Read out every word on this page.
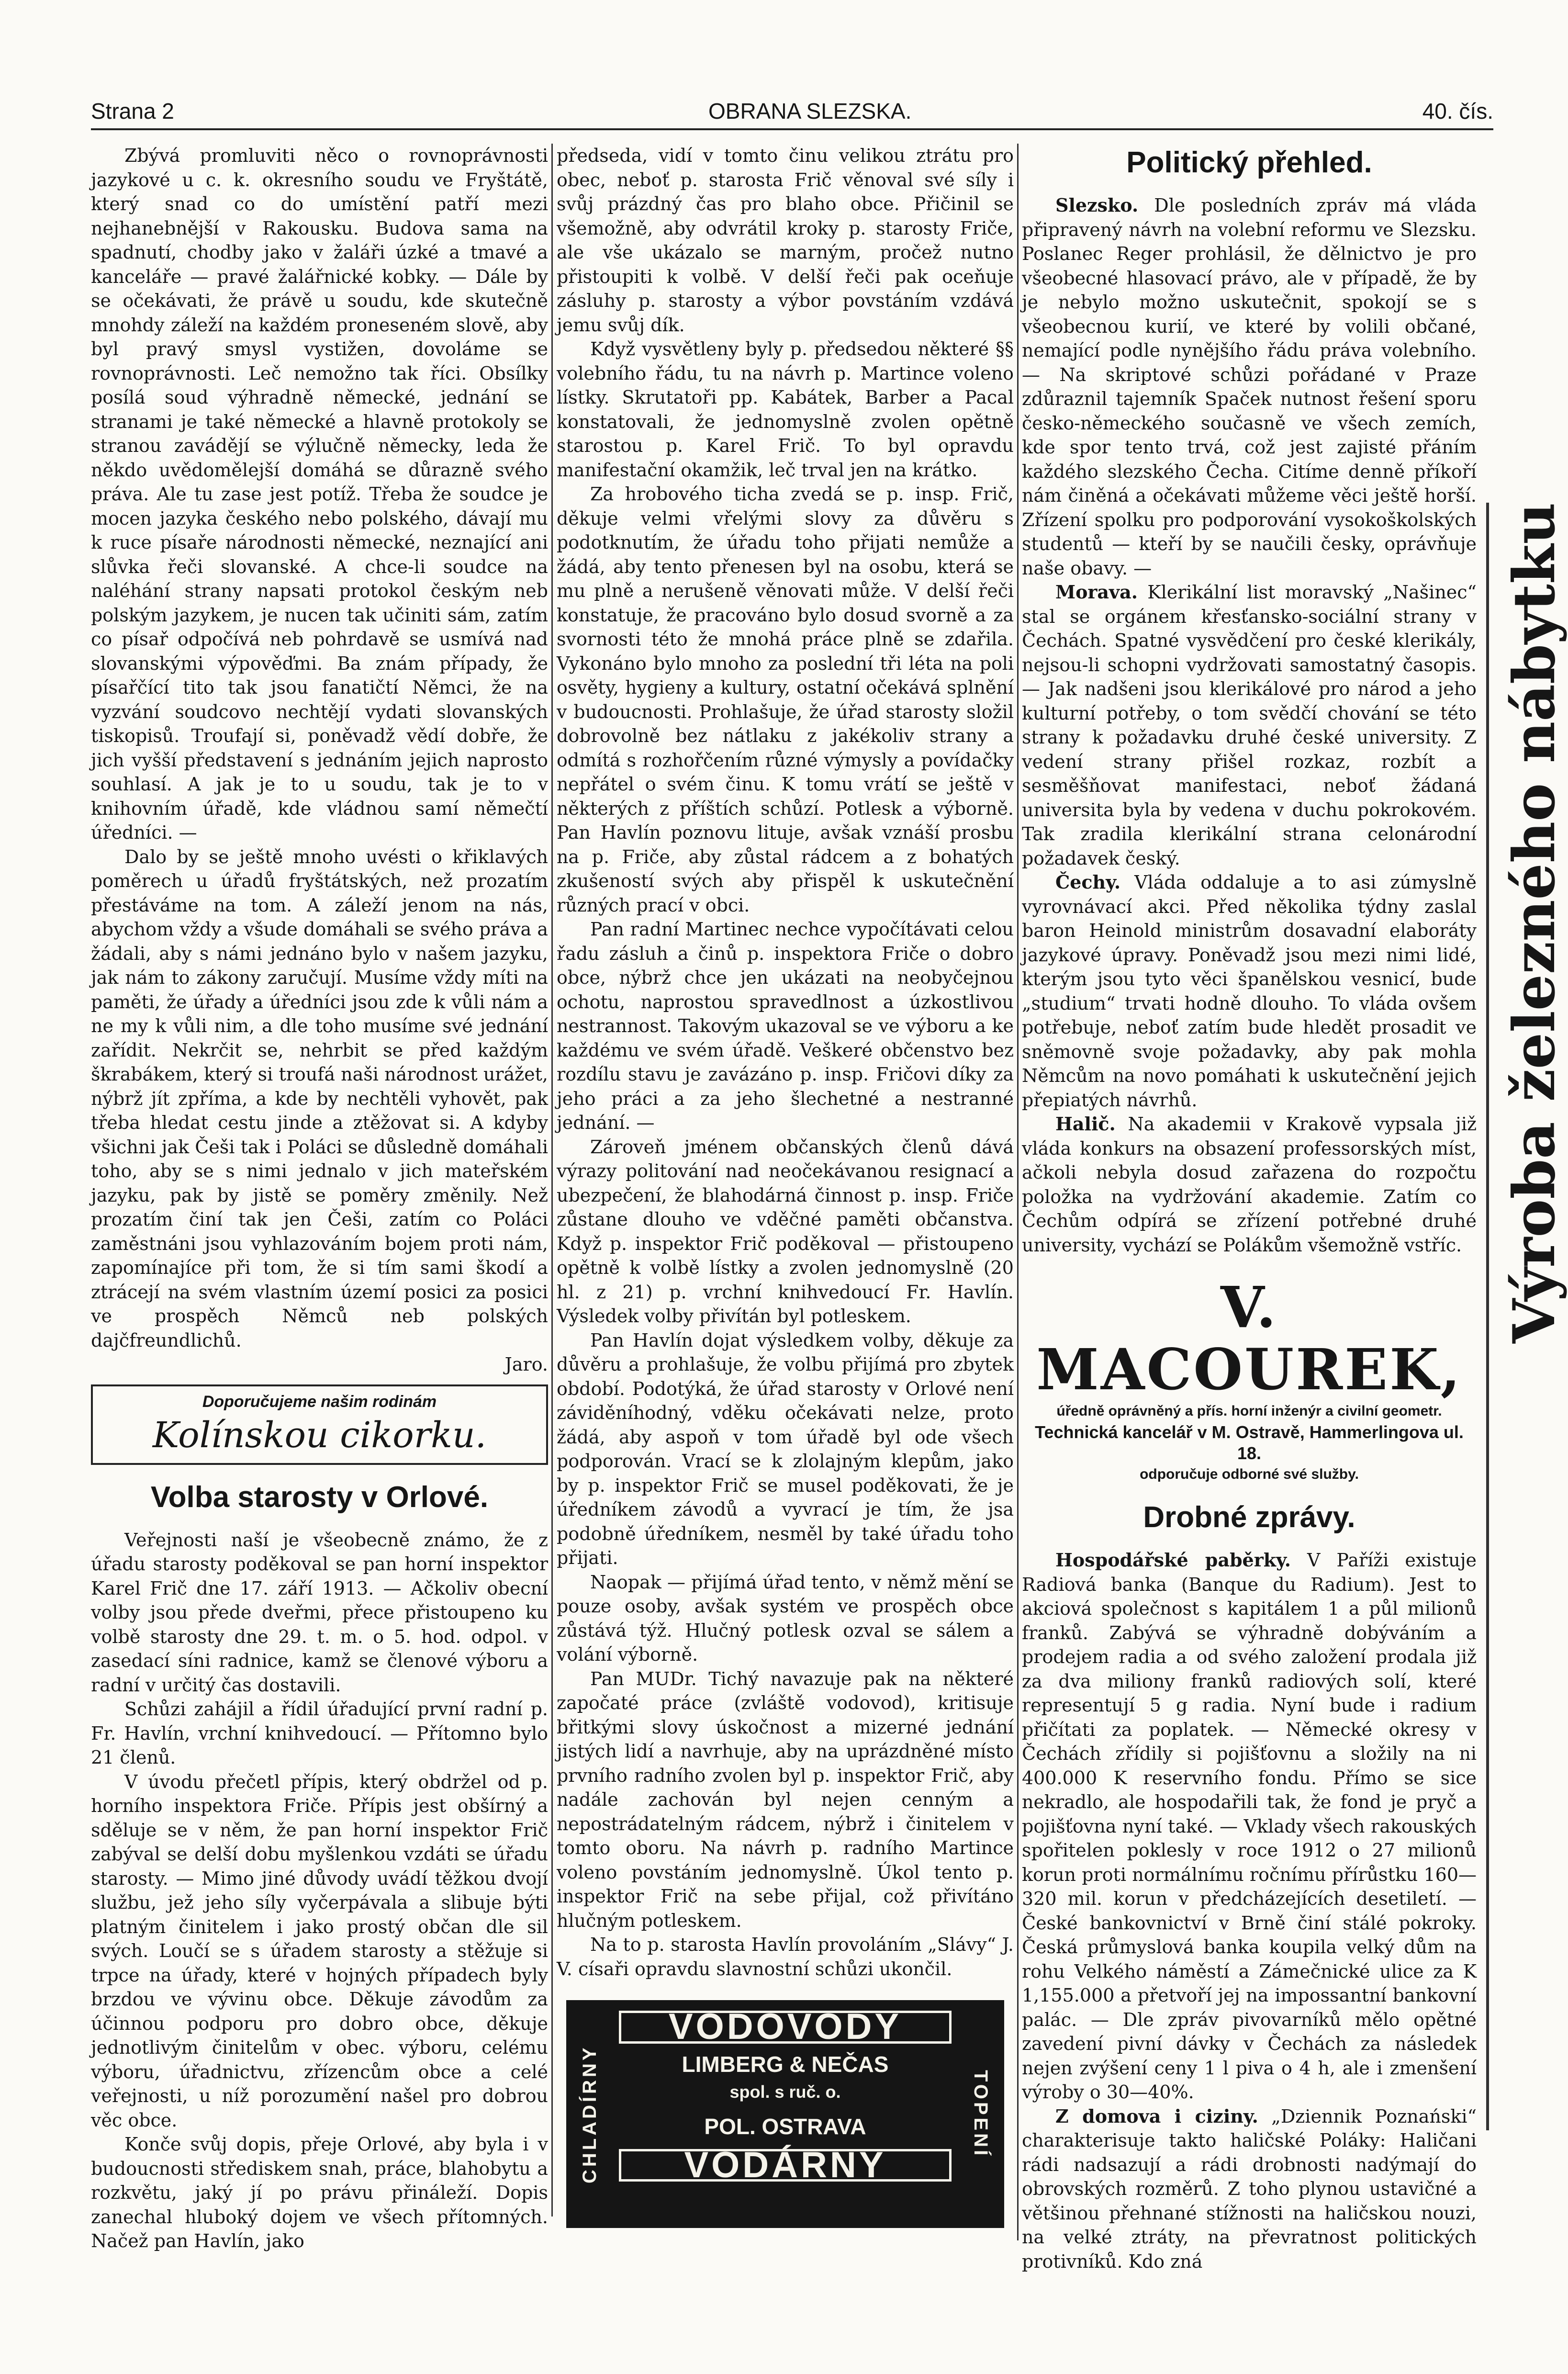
Strana 2	OBRANA SLEZSKA.	40. čís.

Zbývá promluviti něco o rovnoprávnosti jazykové u c. k. okresního soudu ve Fryštátě, který snad co do umístění patří mezi nejhanebnější v Rakousku. Budova sama na spadnutí, chodby jako v žaláři úzké a tmavé a kanceláře — pravé žalářnické kobky. — Dále by se očekávati, že právě u soudu, kde skutečně mnohdy záleží na každém proneseném slově, aby byl pravý smysl vystižen, dovoláme se rovnoprávnosti. Leč nemožno tak říci. Obsílky posílá soud výhradně německé, jednání se stranami je také německé a hlavně protokoly se stranou zavádějí se výlučně německy, leda že někdo uvědomělejší domáhá se důrazně svého práva. Ale tu zase jest potíž. Třeba že soudce je mocen jazyka českého nebo polského, dávají mu k ruce písaře národnosti německé, neznající ani slůvka řeči slovanské. A chce-li soudce na naléhání strany napsati protokol českým neb polským jazykem, je nucen tak učiniti sám, zatím co písař odpočívá neb pohrdavě se usmívá nad slovanskými výpověďmi. Ba znám případy, že písařčící tito tak jsou fanatičtí Němci, že na vyzvání soudcovo nechtějí vydati slovanských tiskopisů. Troufají si, poněvadž vědí dobře, že jich vyšší představení s jednáním jejich naprosto souhlasí. A jak je to u soudu, tak je to v knihovním úřadě, kde vládnou samí němečtí úředníci. —

Dalo by se ještě mnoho uvésti o křiklavých poměrech u úřadů fryštátských, než prozatím přestáváme na tom. A záleží jenom na nás, abychom vždy a všude domáhali se svého práva a žádali, aby s námi jednáno bylo v našem jazyku, jak nám to zákony zaručují. Musíme vždy míti na paměti, že úřady a úředníci jsou zde k vůli nám a ne my k vůli nim, a dle toho musíme své jednání zařídit. Nekrčit se, nehrbit se před každým škrabákem, který si troufá naši národnost urážet, nýbrž jít zpříma, a kde by nechtěli vyhovět, pak třeba hledat cestu jinde a ztěžovat si. A kdyby všichni jak Češi tak i Poláci se důsledně domáhali toho, aby se s nimi jednalo v jich mateřském jazyku, pak by jistě se poměry změnily. Než prozatím činí tak jen Češi, zatím co Poláci zaměstnáni jsou vyhlazováním bojem proti nám, zapomínajíce při tom, že si tím sami škodí a ztrácejí na svém vlastním území posici za posici ve prospěch Němců neb polských dajčfreundlichů.

Jaro.
Doporučujeme našim rodinám
Kolínskou cikorku.
Volba starosty v Orlové.

Veřejnosti naší je všeobecně známo, že z úřadu starosty poděkoval se pan horní inspektor Karel Frič dne 17. září 1913. — Ačkoliv obecní volby jsou přede dveřmi, přece přistoupeno ku volbě starosty dne 29. t. m. o 5. hod. odpol. v zasedací síni radnice, kamž se členové výboru a radní v určitý čas dostavili.

Schůzi zahájil a řídil úřadující první radní p. Fr. Havlín, vrchní knihvedoucí. — Přítomno bylo 21 členů.

V úvodu přečetl přípis, který obdržel od p. horního inspektora Friče. Přípis jest obšírný a sděluje se v něm, že pan horní inspektor Frič zabýval se delší dobu myšlenkou vzdáti se úřadu starosty. — Mimo jiné důvody uvádí těžkou dvojí službu, jež jeho síly vyčerpávala a slibuje býti platným činitelem i jako prostý občan dle sil svých. Loučí se s úřadem starosty a stěžuje si trpce na úřady, které v hojných případech byly brzdou ve vývinu obce. Děkuje závodům za účinnou podporu pro dobro obce, děkuje jednotlivým činitelům v obec. výboru, celému výboru, úřadnictvu, zřízencům obce a celé veřejnosti, u níž porozumění našel pro dobrou věc obce.

Konče svůj dopis, přeje Orlové, aby byla i v budoucnosti střediskem snah, práce, blahobytu a rozkvětu, jaký jí po právu přináleží. Dopis zanechal hluboký dojem ve všech přítomných. Načež pan Havlín, jako

předseda, vidí v tomto činu velikou ztrátu pro obec, neboť p. starosta Frič věnoval své síly i svůj prázdný čas pro blaho obce. Přičinil se všemožně, aby odvrátil kroky p. starosty Friče, ale vše ukázalo se marným, pročež nutno přistoupiti k volbě. V delší řeči pak oceňuje zásluhy p. starosty a výbor povstáním vzdává jemu svůj dík.

Když vysvětleny byly p. předsedou některé §§ volebního řádu, tu na návrh p. Martince voleno lístky. Skrutatoři pp. Kabátek, Barber a Pacal konstatovali, že jednomyslně zvolen opětně starostou p. Karel Frič. To byl opravdu manifestační okamžik, leč trval jen na krátko.

Za hrobového ticha zvedá se p. insp. Frič, děkuje velmi vřelými slovy za důvěru s podotknutím, že úřadu toho přijati nemůže a žádá, aby tento přenesen byl na osobu, která se mu plně a nerušeně věnovati může. V delší řeči konstatuje, že pracováno bylo dosud svorně a za svornosti této že mnohá práce plně se zdařila. Vykonáno bylo mnoho za poslední tři léta na poli osvěty, hygieny a kultury, ostatní očekává splnění v budoucnosti. Prohlašuje, že úřad starosty složil dobrovolně bez nátlaku z jakékoliv strany a odmítá s rozhořčením různé výmysly a povídačky nepřátel o svém činu. K tomu vrátí se ještě v některých z příštích schůzí. Potlesk a výborně. Pan Havlín poznovu lituje, avšak vznáší prosbu na p. Friče, aby zůstal rádcem a z bohatých zkušeností svých aby přispěl k uskutečnění různých prací v obci.

Pan radní Martinec nechce vypočítávati celou řadu zásluh a činů p. inspektora Friče o dobro obce, nýbrž chce jen ukázati na neobyčejnou ochotu, naprostou spravedlnost a úzkostlivou nestrannost. Takovým ukazoval se ve výboru a ke každému ve svém úřadě. Veškeré občenstvo bez rozdílu stavu je zavázáno p. insp. Fričovi díky za jeho práci a za jeho šlechetné a nestranné jednání. —

Zároveň jménem občanských členů dává výrazy politování nad neočekávanou resignací a ubezpečení, že blahodárná činnost p. insp. Friče zůstane dlouho ve vděčné paměti občanstva. Když p. inspektor Frič poděkoval — přistoupeno opětně k volbě lístky a zvolen jednomyslně (20 hl. z 21) p. vrchní knihvedoucí Fr. Havlín. Výsledek volby přivítán byl potleskem.

Pan Havlín dojat výsledkem volby, děkuje za důvěru a prohlašuje, že volbu přijímá pro zbytek období. Podotýká, že úřad starosty v Orlové není záviděníhodný, vděku očekávati nelze, proto žádá, aby aspoň v tom úřadě byl ode všech podporován. Vrací se k zlolajným klepům, jako by p. inspektor Frič se musel poděkovati, že je úředníkem závodů a vyvrací je tím, že jsa podobně úředníkem, nesměl by také úřadu toho přijati.

Naopak — přijímá úřad tento, v němž mění se pouze osoby, avšak systém ve prospěch obce zůstává týž. Hlučný potlesk ozval se sálem a volání výborně.

Pan MUDr. Tichý navazuje pak na některé započaté práce (zvláště vodovod), kritisuje břitkými slovy úskočnost a mizerné jednání jistých lidí a navrhuje, aby na uprázdněné místo prvního radního zvolen byl p. inspektor Frič, aby nadále zachován byl nejen cenným a nepostrádatelným rádcem, nýbrž i činitelem v tomto oboru. Na návrh p. radního Martince voleno povstáním jednomyslně. Úkol tento p. inspektor Frič na sebe přijal, což přivítáno hlučným potleskem.

Na to p. starosta Havlín provoláním „Slávy“ J. V. císaři opravdu slavnostní schůzi ukončil.

CHLADÍRNY	TOPENÍ
VODOVODY
LIMBERG & NEČAS
spol. s ruč. o.
POL. OSTRAVA
VODÁRNY
Politický přehled.

Slezsko. Dle posledních zpráv má vláda připravený návrh na volební reformu ve Slezsku. Poslanec Reger prohlásil, že dělnictvo je pro všeobecné hlasovací právo, ale v případě, že by je nebylo možno uskutečnit, spokojí se s všeobecnou kurií, ve které by volili občané, nemající podle nynějšího řádu práva volebního. — Na skriptové schůzi pořádané v Praze zdůraznil tajemník Spaček nutnost řešení sporu česko-německého současně ve všech zemích, kde spor tento trvá, což jest zajisté přáním každého slezského Čecha. Citíme denně příkoří nám činěná a očekávati můžeme věci ještě horší. Zřízení spolku pro podporování vysokoškolských studentů — kteří by se naučili česky, oprávňuje naše obavy. —

Morava. Klerikální list moravský „Našinec“ stal se orgánem křesťansko-sociální strany v Čechách. Spatné vysvědčení pro české klerikály, nejsou-li schopni vydržovati samostatný časopis. — Jak nadšeni jsou klerikálové pro národ a jeho kulturní potřeby, o tom svědčí chování se této strany k požadavku druhé české university. Z vedení strany přišel rozkaz, rozbít a sesměšňovat manifestaci, neboť žádaná universita byla by vedena v duchu pokrokovém. Tak zradila klerikální strana celonárodní požadavek český.

Čechy. Vláda oddaluje a to asi zúmyslně vyrovnávací akci. Před několika týdny zaslal baron Heinold ministrům dosavadní elaboráty jazykové úpravy. Poněvadž jsou mezi nimi lidé, kterým jsou tyto věci španělskou vesnicí, bude „studium“ trvati hodně dlouho. To vláda ovšem potřebuje, neboť zatím bude hledět prosadit ve sněmovně svoje požadavky, aby pak mohla Němcům na novo pomáhati k uskutečnění jejich přepiatých návrhů.

Halič. Na akademii v Krakově vypsala již vláda konkurs na obsazení professorských míst, ačkoli nebyla dosud zařazena do rozpočtu položka na vydržování akademie. Zatím co Čechům odpírá se zřízení potřebné druhé university, vychází se Polákům všemožně vstříc.

V. MACOUREK,
úředně oprávněný a přís. horní inženýr a civilní geometr.
Technická kancelář v M. Ostravě, Hammerlingova ul. 18.
odporučuje odborné své služby.
Drobné zprávy.

Hospodářské paběrky. V Paříži existuje Radiová banka (Banque du Radium). Jest to akciová společnost s kapitálem 1 a půl milionů franků. Zabývá se výhradně dobýváním a prodejem radia a od svého založení prodala již za dva miliony franků radiových solí, které representují 5 g radia. Nyní bude i radium přičítati za poplatek. — Německé okresy v Čechách zřídily si pojišťovnu a složily na ni 400.000 K reservního fondu. Přímo se sice nekradlo, ale hospodařili tak, že fond je pryč a pojišťovna nyní také. — Vklady všech rakouských spořitelen poklesly v roce 1912 o 27 milionů korun proti normálnímu ročnímu přírůstku 160—320 mil. korun v předcházejících desetiletí. — České bankovnictví v Brně činí stálé pokroky. Česká průmyslová banka koupila velký dům na rohu Velkého náměstí a Zámečnické ulice za K 1,155.000 a přetvoří jej na impossantní bankovní palác. — Dle zpráv pivovarníků mělo opětné zavedení pivní dávky v Čechách za následek nejen zvýšení ceny 1 l piva o 4 h, ale i zmenšení výroby o 30—40%.

Z domova i ciziny. „Dziennik Poznański“ charakterisuje takto haličské Poláky: Haličani rádi nadsazují a rádi drobnosti nadýmají do obrovských rozměrů. Z toho plynou ustavičné a většinou přehnané stížnosti na haličskou nouzi, na velké ztráty, na převratnost politických protivníků. Kdo zná

Výroba železného nábytku
